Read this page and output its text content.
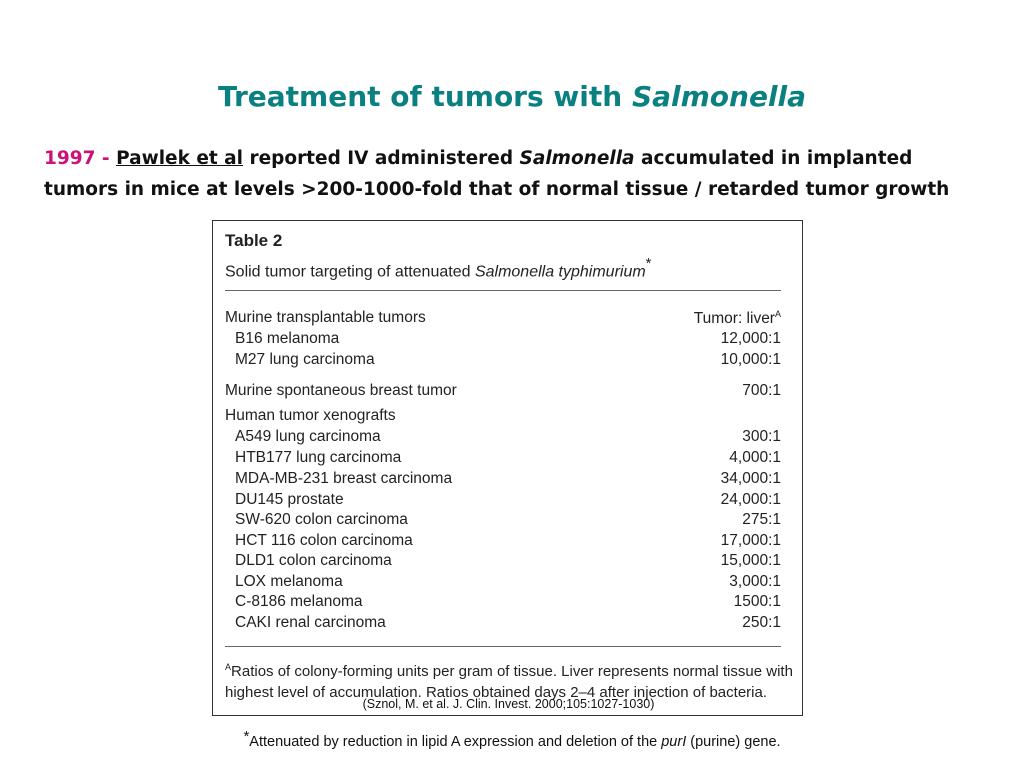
Treatment of tumors with Salmonella
1997 - Pawlek et al reported IV administered Salmonella accumulated in implanted
tumors in mice at levels >200-1000-fold that of normal tissue / retarded tumor growth
Table 2
Solid tumor targeting of attenuated Salmonella typhimurium*
Murine transplantable tumors	Tumor: liver$^A$
B16 melanoma	12,000:1
M27 lung carcinoma	10,000:1
Murine spontaneous breast tumor	700:1
Human tumor xenografts
A549 lung carcinoma	300:1
HTB177 lung carcinoma	4,000:1
MDA-MB-231 breast carcinoma	34,000:1
DU145 prostate	24,000:1
SW-620 colon carcinoma	275:1
HCT 116 colon carcinoma	17,000:1
DLD1 colon carcinoma	15,000:1
LOX melanoma	3,000:1
C-8186 melanoma	1500:1
CAKI renal carcinoma	250:1
$^A$Ratios of colony-forming units per gram of tissue. Liver represents normal tissue with highest level of accumulation. Ratios obtained days 2–4 after injection of bacteria.
(Sznol, M. et al. J. Clin. Invest. 2000;105:1027-1030)
*Attenuated by reduction in lipid A expression and deletion of the purI (purine) gene.
